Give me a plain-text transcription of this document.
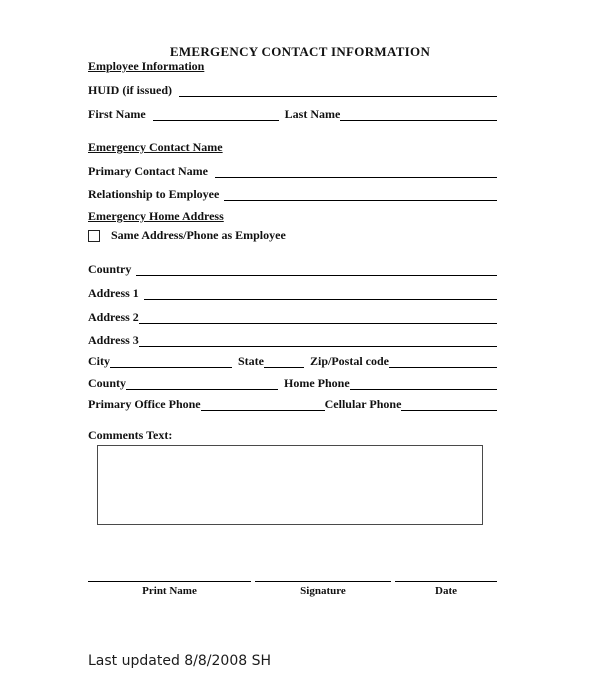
EMERGENCY CONTACT INFORMATION
Employee Information
HUID (if issued)
First Name	Last Name
Emergency Contact Name
Primary Contact Name
Relationship to Employee
Emergency Home Address
Same Address/Phone as Employee
Country
Address 1
Address 2
Address 3
City	State	Zip/Postal code
County	Home Phone
Primary Office Phone	Cellular Phone
Comments Text:
Print Name	Signature	Date
Last updated 8/8/2008 SH
